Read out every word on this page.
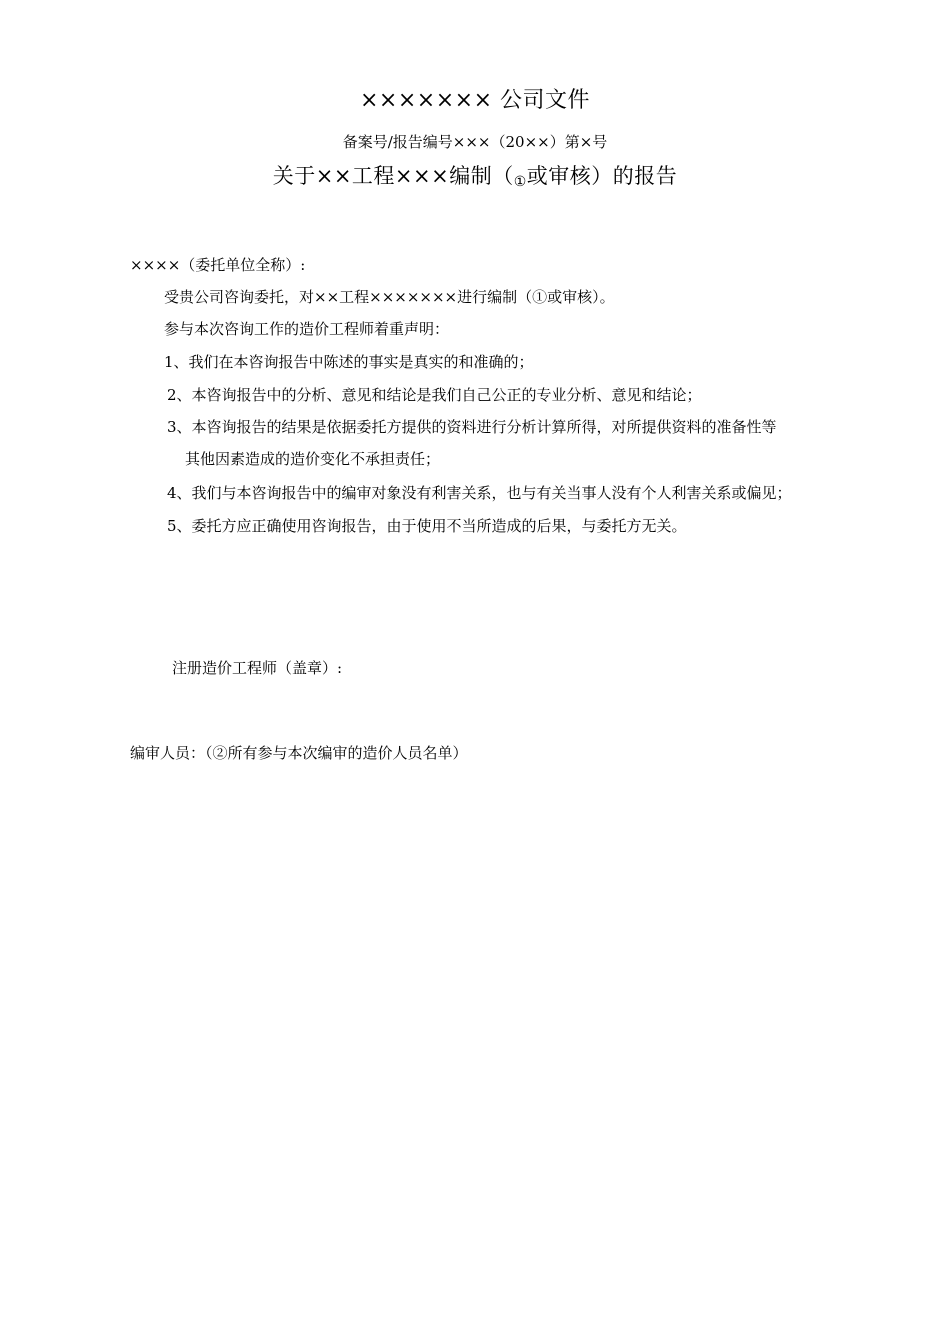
××××××× 公司文件
备案号/报告编号×××（20××）第×号
关于××工程×××编制（①或审核）的报告
××××（委托单位全称）:
受贵公司咨询委托，对××工程×××××××进行编制（①或审核）。
参与本次咨询工作的造价工程师着重声明：
1、我们在本咨询报告中陈述的事实是真实的和准确的；
2、本咨询报告中的分析、意见和结论是我们自己公正的专业分析、意见和结论；
3、本咨询报告的结果是依据委托方提供的资料进行分析计算所得，对所提供资料的准备性等
其他因素造成的造价变化不承担责任；
4、我们与本咨询报告中的编审对象没有利害关系，也与有关当事人没有个人利害关系或偏见；
5、委托方应正确使用咨询报告，由于使用不当所造成的后果，与委托方无关。
注册造价工程师（盖章）:
编审人员：（②所有参与本次编审的造价人员名单）
